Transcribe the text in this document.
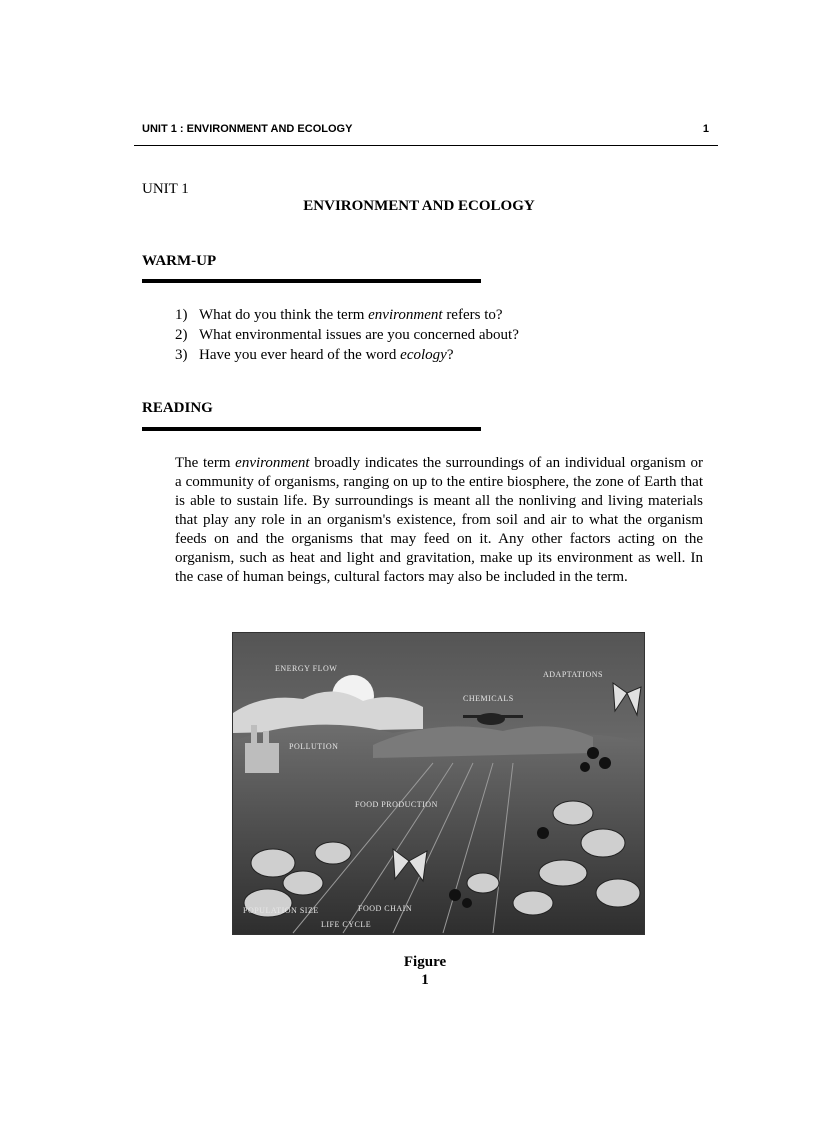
UNIT 1 : ENVIRONMENT AND ECOLOGY	1
UNIT 1
ENVIRONMENT AND ECOLOGY
WARM-UP
1) What do you think the term environment refers to?
2) What environmental issues are you concerned about?
3) Have you ever heard of the word ecology?
READING
The term environment broadly indicates the surroundings of an individual organism or a community of organisms, ranging on up to the entire biosphere, the zone of Earth that is able to sustain life. By surroundings is meant all the nonliving and living materials that play any role in an organism's existence, from soil and air to what the organism feeds on and the organisms that may feed on it. Any other factors acting on the organism, such as heat and light and gravitation, make up its environment as well. In the case of human beings, cultural factors may also be included in the term.
ENERGY FLOW
ADAPTATIONS
CHEMICALS
POLLUTION
FOOD PRODUCTION
POPULATION SIZE	FOOD CHAIN
LIFE CYCLE
Figure
1
